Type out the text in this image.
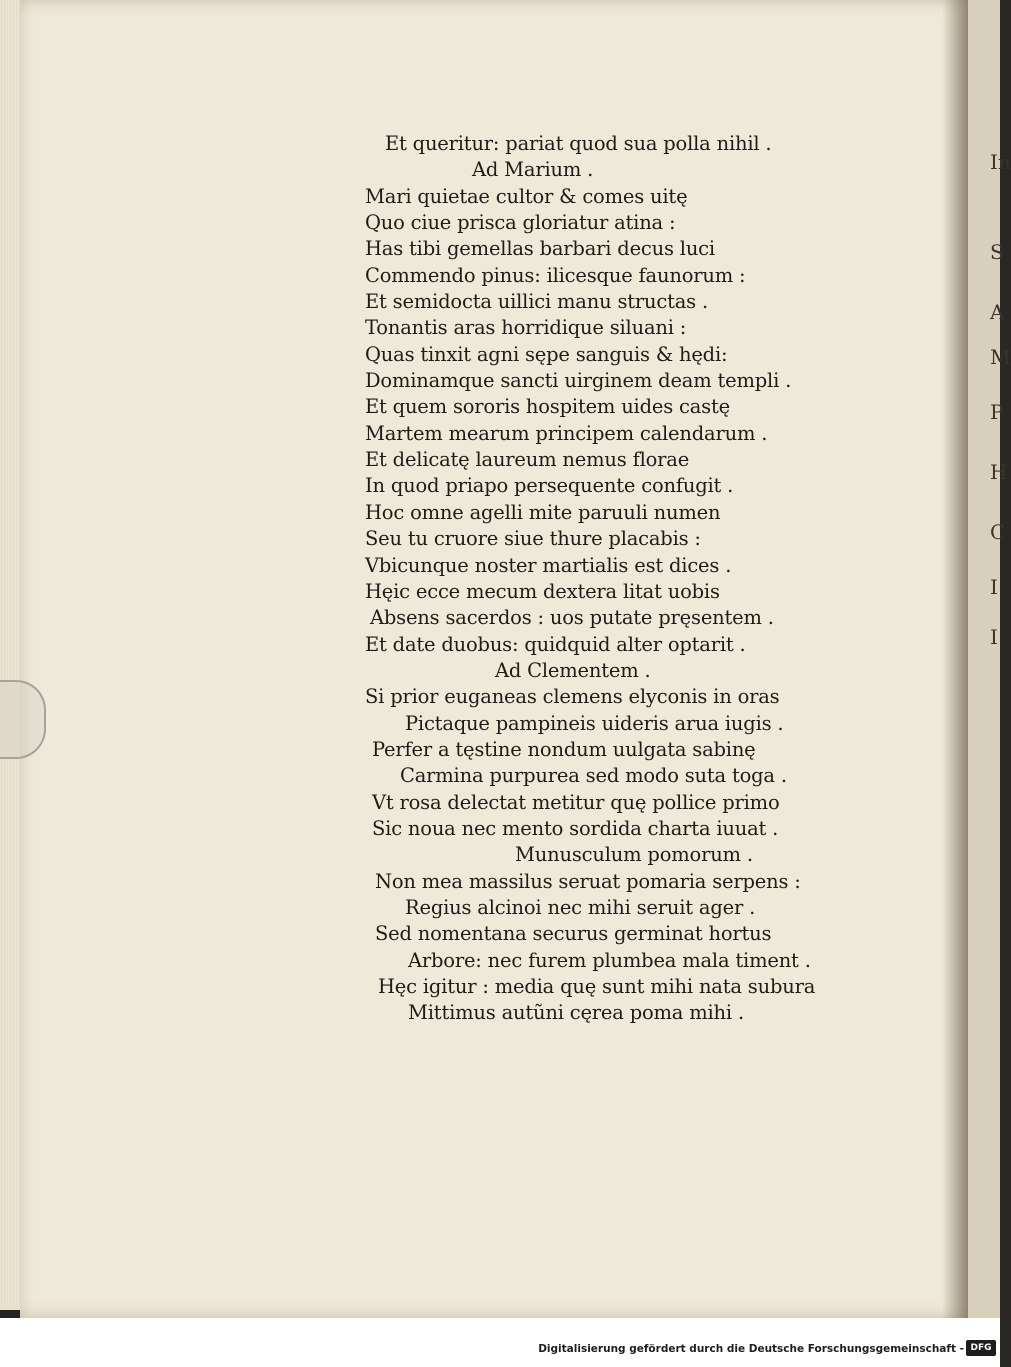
In
S
A
M
P
H
C
I
I
Et queritur: pariat quod sua polla nihil .
Ad Marium .
Mari quietae cultor & comes uitę
Quo ciue prisca gloriatur atina :
Has tibi gemellas barbari decus luci
Commendo pinus: ilicesque faunorum :
Et semidocta uillici manu structas .
Tonantis aras horridique siluani :
Quas tinxit agni sępe sanguis & hędi:
Dominamque sancti uirginem deam templi .
Et quem sororis hospitem uides castę
Martem mearum principem calendarum .
Et delicatę laureum nemus florae
In quod priapo persequente confugit .
Hoc omne agelli mite paruuli numen
Seu tu cruore siue thure placabis :
Vbicunque noster martialis est dices .
Hęic ecce mecum dextera litat uobis
Absens sacerdos : uos putate pręsentem .
Et date duobus: quidquid alter optarit .
Ad Clementem .
Si prior euganeas clemens elyconis in oras
Pictaque pampineis uideris arua iugis .
Perfer a tęstine nondum uulgata sabinę
Carmina purpurea sed modo suta toga .
Vt rosa delectat metitur quę pollice primo
Sic noua nec mento sordida charta iuuat .
Munusculum pomorum .
Non mea massilus seruat pomaria serpens :
Regius alcinoi nec mihi seruit ager .
Sed nomentana securus germinat hortus
Arbore: nec furem plumbea mala timent .
Hęc igitur : media quę sunt mihi nata subura
Mittimus autũni cęrea poma mihi .
Digitalisierung gefördert durch die Deutsche Forschungsgemeinschaft - DFG
